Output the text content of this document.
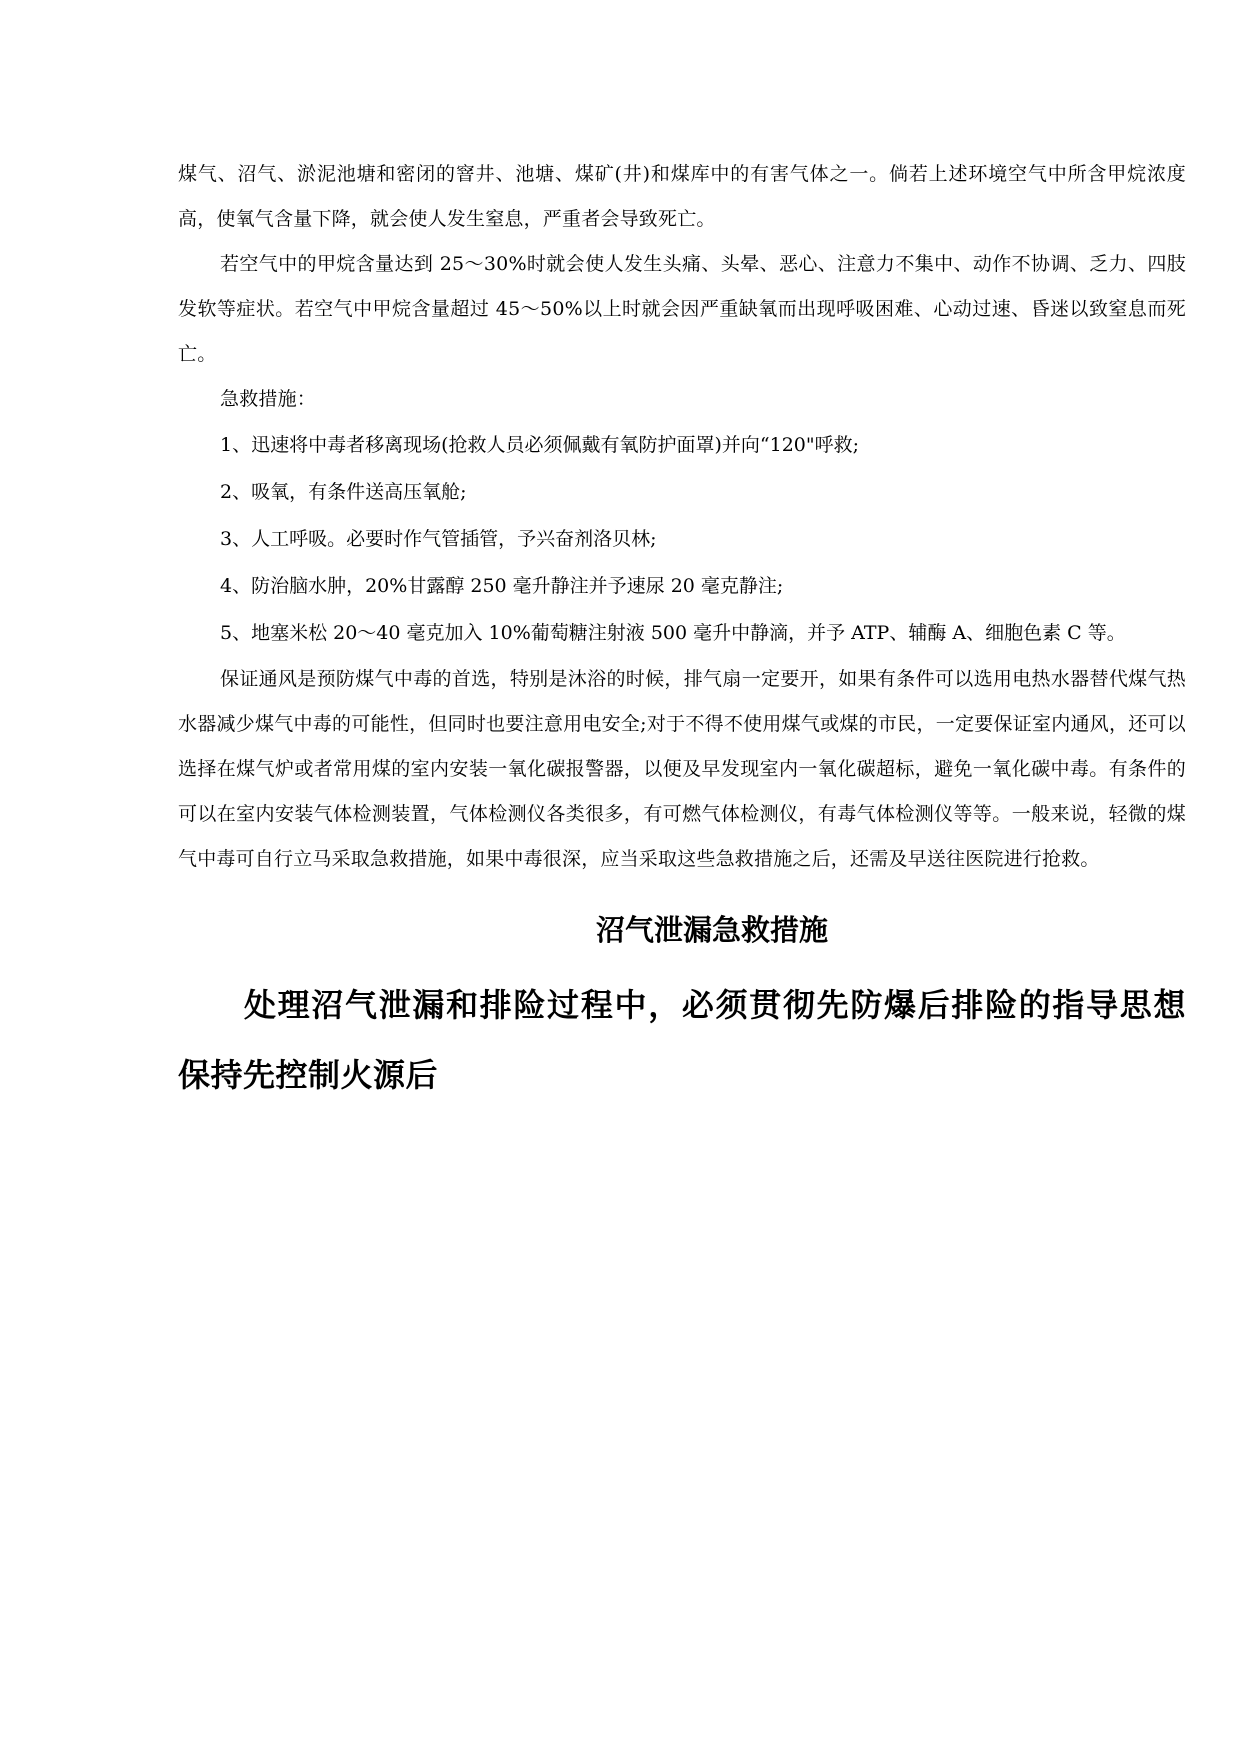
煤气、沼气、淤泥池塘和密闭的窨井、池塘、煤矿(井)和煤库中的有害气体之一。倘若上述环境空气中所含甲烷浓度高，使氧气含量下降，就会使人发生窒息，严重者会导致死亡。

若空气中的甲烷含量达到 25～30%时就会使人发生头痛、头晕、恶心、注意力不集中、动作不协调、乏力、四肢发软等症状。若空气中甲烷含量超过 45～50%以上时就会因严重缺氧而出现呼吸困难、心动过速、昏迷以致窒息而死亡。

急救措施：

1、迅速将中毒者移离现场(抢救人员必须佩戴有氧防护面罩)并向“120"呼救;

2、吸氧，有条件送高压氧舱;

3、人工呼吸。必要时作气管插管，予兴奋剂洛贝林;

4、防治脑水肿，20%甘露醇 250 毫升静注并予速尿 20 毫克静注;

5、地塞米松 20～40 毫克加入 10%葡萄糖注射液 500 毫升中静滴，并予 ATP、辅酶 A、细胞色素 C 等。

保证通风是预防煤气中毒的首选，特别是沐浴的时候，排气扇一定要开，如果有条件可以选用电热水器替代煤气热水器减少煤气中毒的可能性，但同时也要注意用电安全;对于不得不使用煤气或煤的市民，一定要保证室内通风，还可以选择在煤气炉或者常用煤的室内安装一氧化碳报警器，以便及早发现室内一氧化碳超标，避免一氧化碳中毒。有条件的可以在室内安装气体检测装置，气体检测仪各类很多，有可燃气体检测仪，有毒气体检测仪等等。一般来说，轻微的煤气中毒可自行立马采取急救措施，如果中毒很深，应当采取这些急救措施之后，还需及早送往医院进行抢救。

沼气泄漏急救措施

处理沼气泄漏和排险过程中，必须贯彻先防爆后排险的指导思想保持先控制火源后
